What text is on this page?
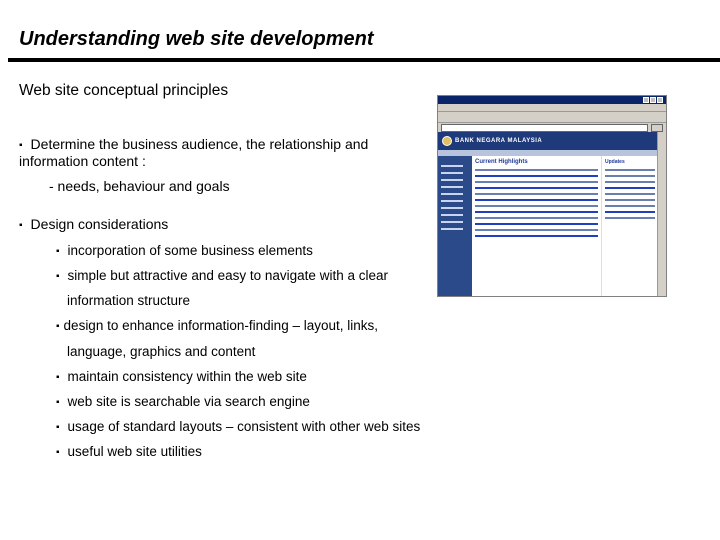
Understanding web site development
Web site conceptual principles
▪ Determine the business audience, the relationship and
information content :
- needs, behaviour and goals
▪ Design considerations
▪ incorporation of some business elements
▪ simple but attractive and easy to navigate with a clear
information structure
▪ design to enhance information-finding – layout, links,
language, graphics and content
▪ maintain consistency within the web site
▪ web site is searchable via search engine
▪ usage of standard layouts – consistent with other web sites
▪ useful web site utilities
BANK NEGARA MALAYSIA
Current Highlights	Updates
